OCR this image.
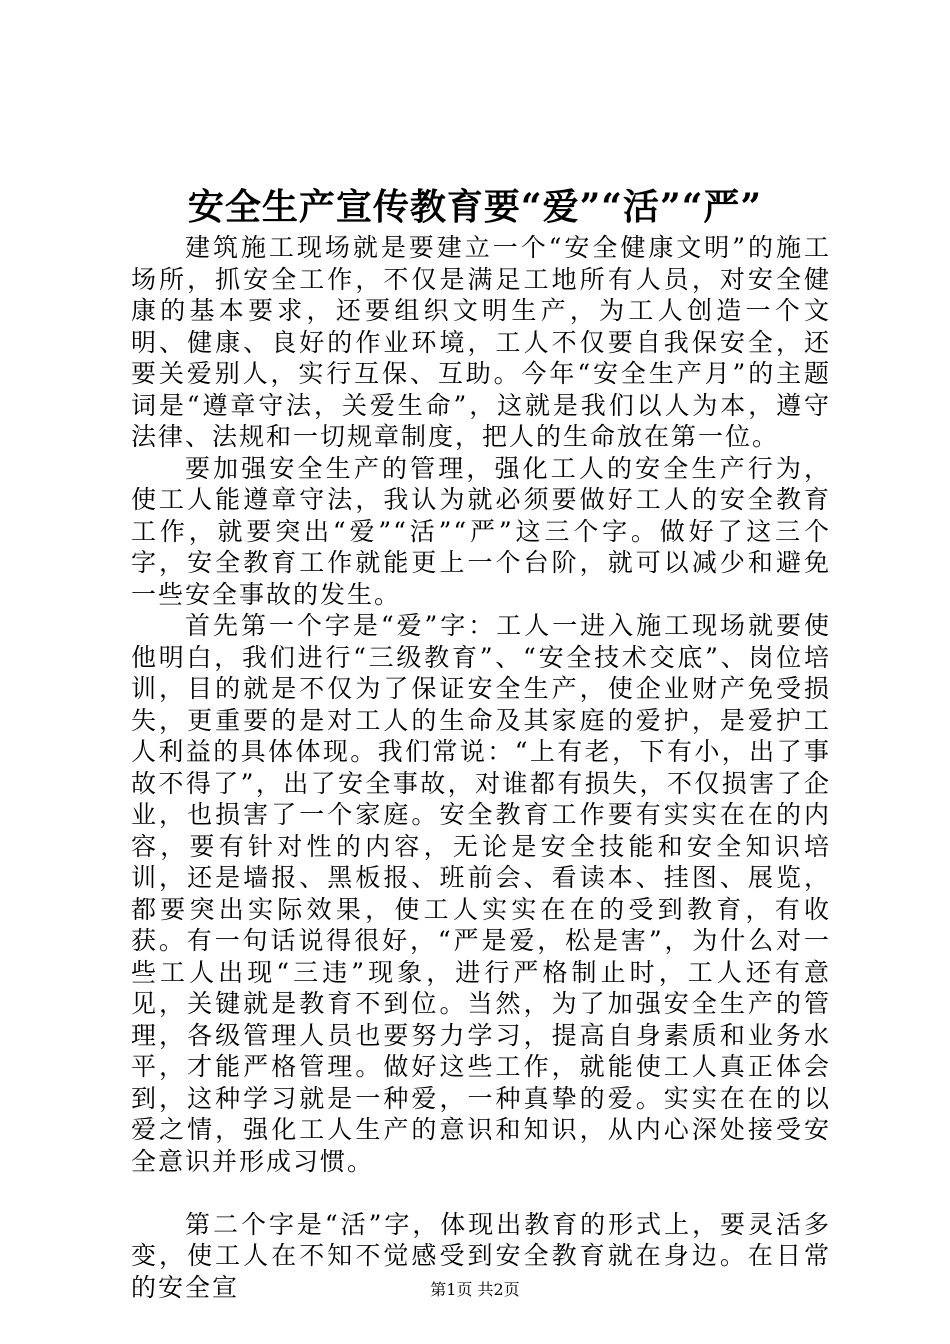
安全生产宣传教育要“爱”“活”“严”

建筑施工现场就是要建立一个“安全健康文明”的施工场所，抓安全工作，不仅是满足工地所有人员，对安全健康的基本要求，还要组织文明生产，为工人创造一个文明、健康、良好的作业环境，工人不仅要自我保安全，还要关爱别人，实行互保、互助。今年“安全生产月”的主题词是“遵章守法，关爱生命”，这就是我们以人为本，遵守法律、法规和一切规章制度，把人的生命放在第一位。

要加强安全生产的管理，强化工人的安全生产行为，使工人能遵章守法，我认为就必须要做好工人的安全教育工作，就要突出“爱”“活”“严”这三个字。做好了这三个字，安全教育工作就能更上一个台阶，就可以减少和避免一些安全事故的发生。

首先第一个字是“爱”字：工人一进入施工现场就要使他明白，我们进行“三级教育”、“安全技术交底”、岗位培训，目的就是不仅为了保证安全生产，使企业财产免受损失，更重要的是对工人的生命及其家庭的爱护，是爱护工人利益的具体体现。我们常说：“上有老，下有小，出了事故不得了”，出了安全事故，对谁都有损失，不仅损害了企业，也损害了一个家庭。安全教育工作要有实实在在的内容，要有针对性的内容，无论是安全技能和安全知识培训，还是墙报、黑板报、班前会、看读本、挂图、展览，都要突出实际效果，使工人实实在在的受到教育，有收获。有一句话说得很好，“严是爱，松是害”，为什么对一些工人出现“三违”现象，进行严格制止时，工人还有意见，关键就是教育不到位。当然，为了加强安全生产的管理，各级管理人员也要努力学习，提高自身素质和业务水平，才能严格管理。做好这些工作，就能使工人真正体会到，这种学习就是一种爱，一种真挚的爱。实实在在的以爱之情，强化工人生产的意识和知识，从内心深处接受安全意识并形成习惯。

第二个字是“活”字，体现出教育的形式上，要灵活多变，使工人在不知不觉感受到安全教育就在身边。在日常的安全宣	第1页 共2页
